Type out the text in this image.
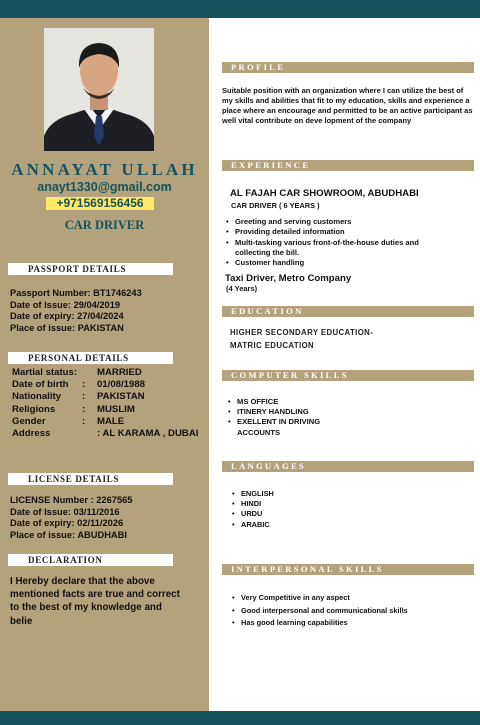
ANNAYAT ULLAH
anayt1330@gmail.com
+971569156456
CAR DRIVER
PASSPORT DETAILS
Passport Number: BT1746243
Date of Issue: 29/04/2019
Date of expiry: 27/04/2024
Place of issue: PAKISTAN
PERSONAL DETAILS
Martial status:		MARRIED
Date of birth	:	01/08/1988
Nationality	:	PAKISTAN
Religions	:	MUSLIM
Gender	:	MALE
Address		: AL KARAMA , DUBAI
LICENSE DETAILS
LICENSE Number : 2267565
Date of Issue: 03/11/2016
Date of expiry: 02/11/2026
Place of issue: ABUDHABI
DECLARATION
I Hereby declare that the above mentioned facts are true and correct to the best of my knowledge and belie
PROFILE
Suitable position with an organization where I can utilize the best of my skills and abilities that fit to my education, skills and experience a place where an encourage and permitted to be an active participant as well vital contribute on deve lopment of the company
EXPERIENCE
AL FAJAH CAR SHOWROOM, ABUDHABI
CAR DRIVER ( 6 YEARS )
• Greeting and serving customers
• Providing detailed information
• Multi-tasking various front-of-the-house duties and collecting the bill.
• Customer handling
Taxi Driver, Metro Company
(4 Years)
EDUCATION
HIGHER SECONDARY EDUCATION-
MATRIC EDUCATION
COMPUTER SKILLS
• MS OFFICE
• ITINERY HANDLING
• EXELLENT IN DRIVING ACCOUNTS
LANGUAGES
• ENGLISH
• HINDI
• URDU
• ARABIC
INTERPERSONAL SKILLS
• Very Competitive in any aspect
• Good interpersonal and communicational skills
• Has good learning capabilities
